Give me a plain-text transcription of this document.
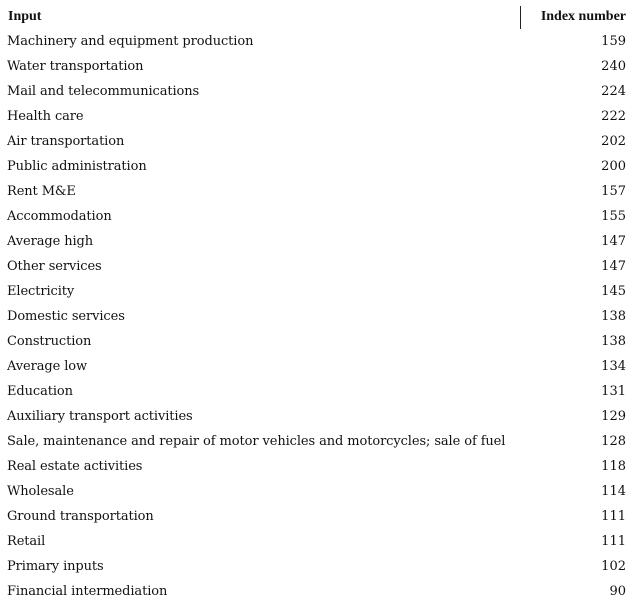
Input	Index number
Machinery and equipment production	159
Water transportation	240
Mail and telecommunications	224
Health care	222
Air transportation	202
Public administration	200
Rent M&E	157
Accommodation	155
Average high	147
Other services	147
Electricity	145
Domestic services	138
Construction	138
Average low	134
Education	131
Auxiliary transport activities	129
Sale, maintenance and repair of motor vehicles and motorcycles; sale of fuel	128
Real estate activities	118
Wholesale	114
Ground transportation	111
Retail	111
Primary inputs	102
Financial intermediation	90
